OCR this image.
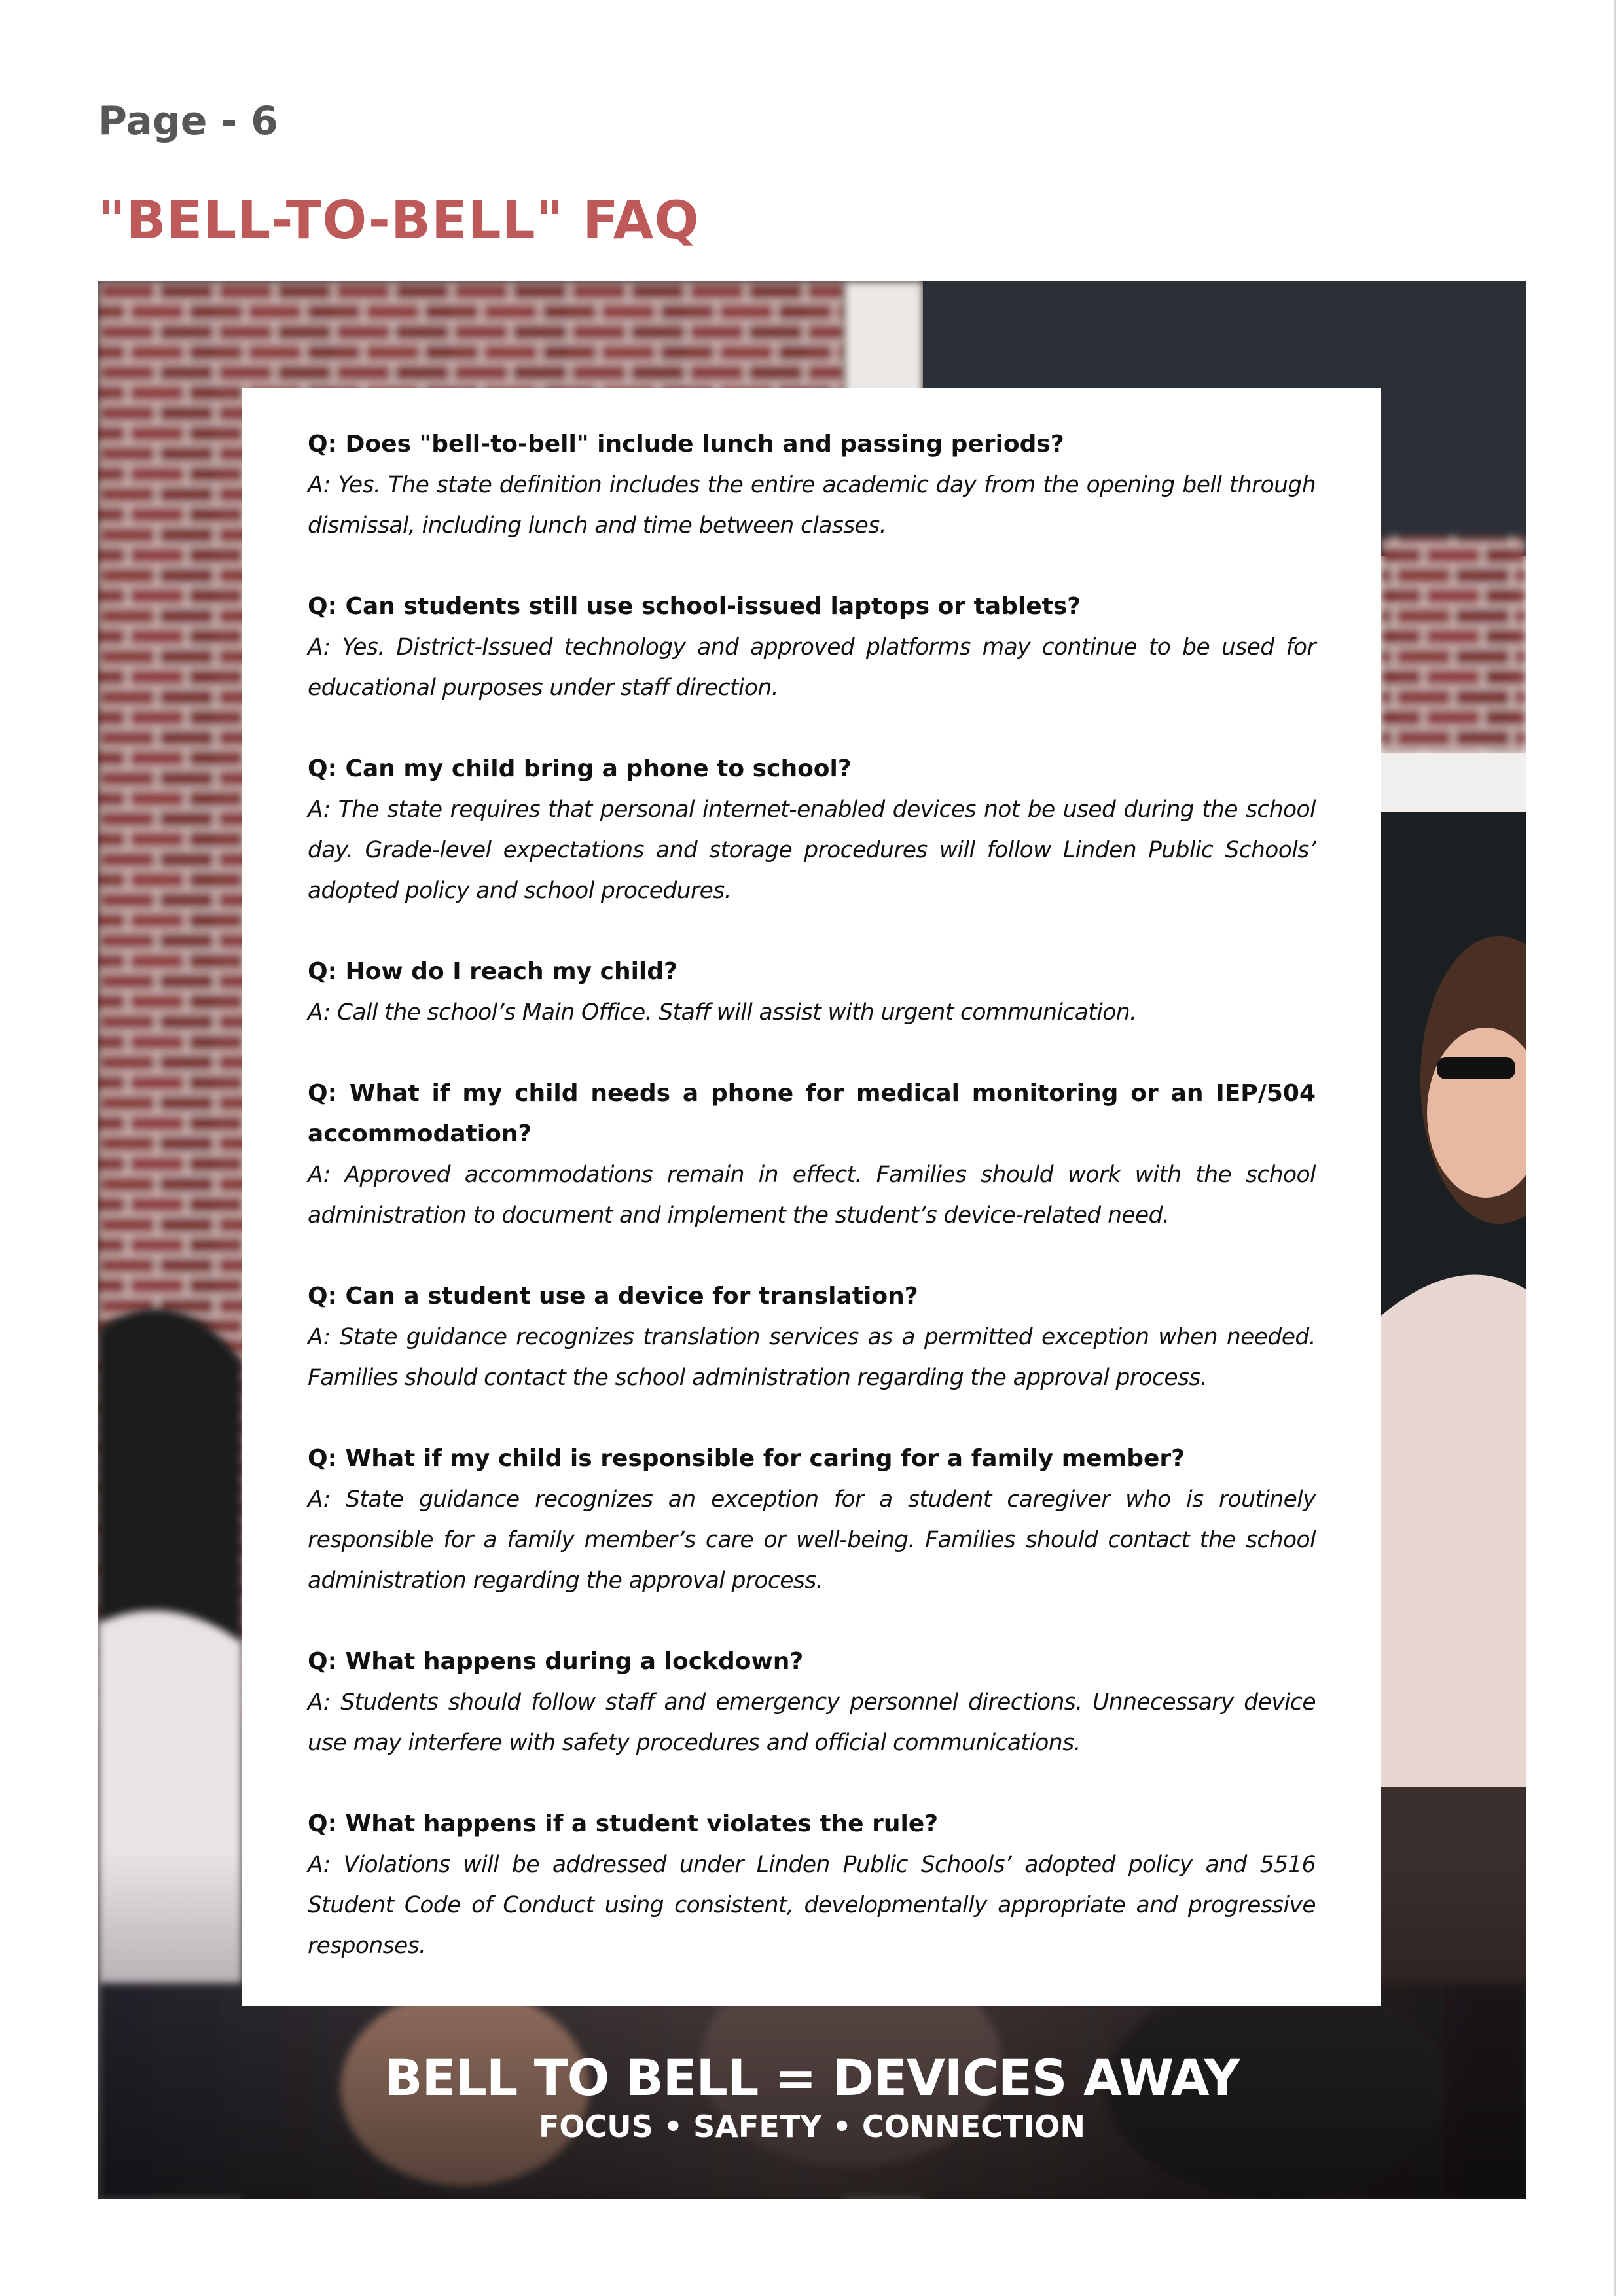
Page - 6
"BELL-TO-BELL" FAQ

Q: Does "bell-to-bell" include lunch and passing periods?

A: Yes. The state definition includes the entire academic day from the opening bell through dismissal, including lunch and time between classes.

Q: Can students still use school-issued laptops or tablets?

A: Yes. District-Issued technology and approved platforms may continue to be used for educational purposes under staff direction.

Q: Can my child bring a phone to school?

A: The state requires that personal internet-enabled devices not be used during the school day. Grade-level expectations and storage procedures will follow Linden Public Schools’ adopted policy and school procedures.

Q: How do I reach my child?

A: Call the school’s Main Office. Staff will assist with urgent communication.

Q: What if my child needs a phone for medical monitoring or an IEP/504 accommodation?

A: Approved accommodations remain in effect. Families should work with the school administration to document and implement the student’s device-related need.

Q: Can a student use a device for translation?

A: State guidance recognizes translation services as a permitted exception when needed. Families should contact the school administration regarding the approval process.

Q: What if my child is responsible for caring for a family member?

A: State guidance recognizes an exception for a student caregiver who is routinely responsible for a family member’s care or well-being. Families should contact the school administration regarding the approval process.

Q: What happens during a lockdown?

A: Students should follow staff and emergency personnel directions. Unnecessary device use may interfere with safety procedures and official communications.

Q: What happens if a student violates the rule?

A: Violations will be addressed under Linden Public Schools’ adopted policy and 5516 Student Code of Conduct using consistent, developmentally appropriate and progressive responses.

BELL TO BELL = DEVICES AWAY

FOCUS • SAFETY • CONNECTION
